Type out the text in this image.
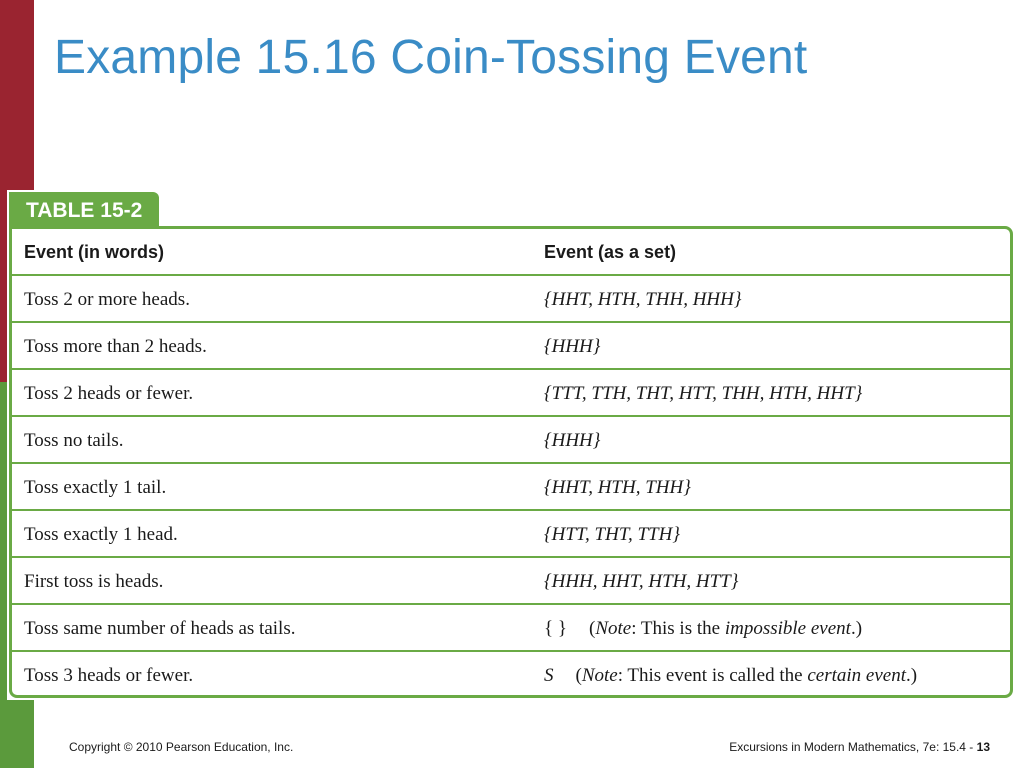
Example 15.16 Coin-Tossing Event
TABLE 15-2
Event (in words)	Event (as a set)
Toss 2 or more heads.	{HHT, HTH, THH, HHH}
Toss more than 2 heads.	{HHH}
Toss 2 heads or fewer.	{TTT, TTH, THT, HTT, THH, HTH, HHT}
Toss no tails.	{HHH}
Toss exactly 1 tail.	{HHT, HTH, THH}
Toss exactly 1 head.	{HTT, THT, TTH}
First toss is heads.	{HHH, HHT, HTH, HTT}
Toss same number of heads as tails.	{ } (Note: This is the impossible event.)
Toss 3 heads or fewer.	S (Note: This event is called the certain event.)
Copyright © 2010 Pearson Education, Inc.	Excursions in Modern Mathematics, 7e: 15.4 - 13
